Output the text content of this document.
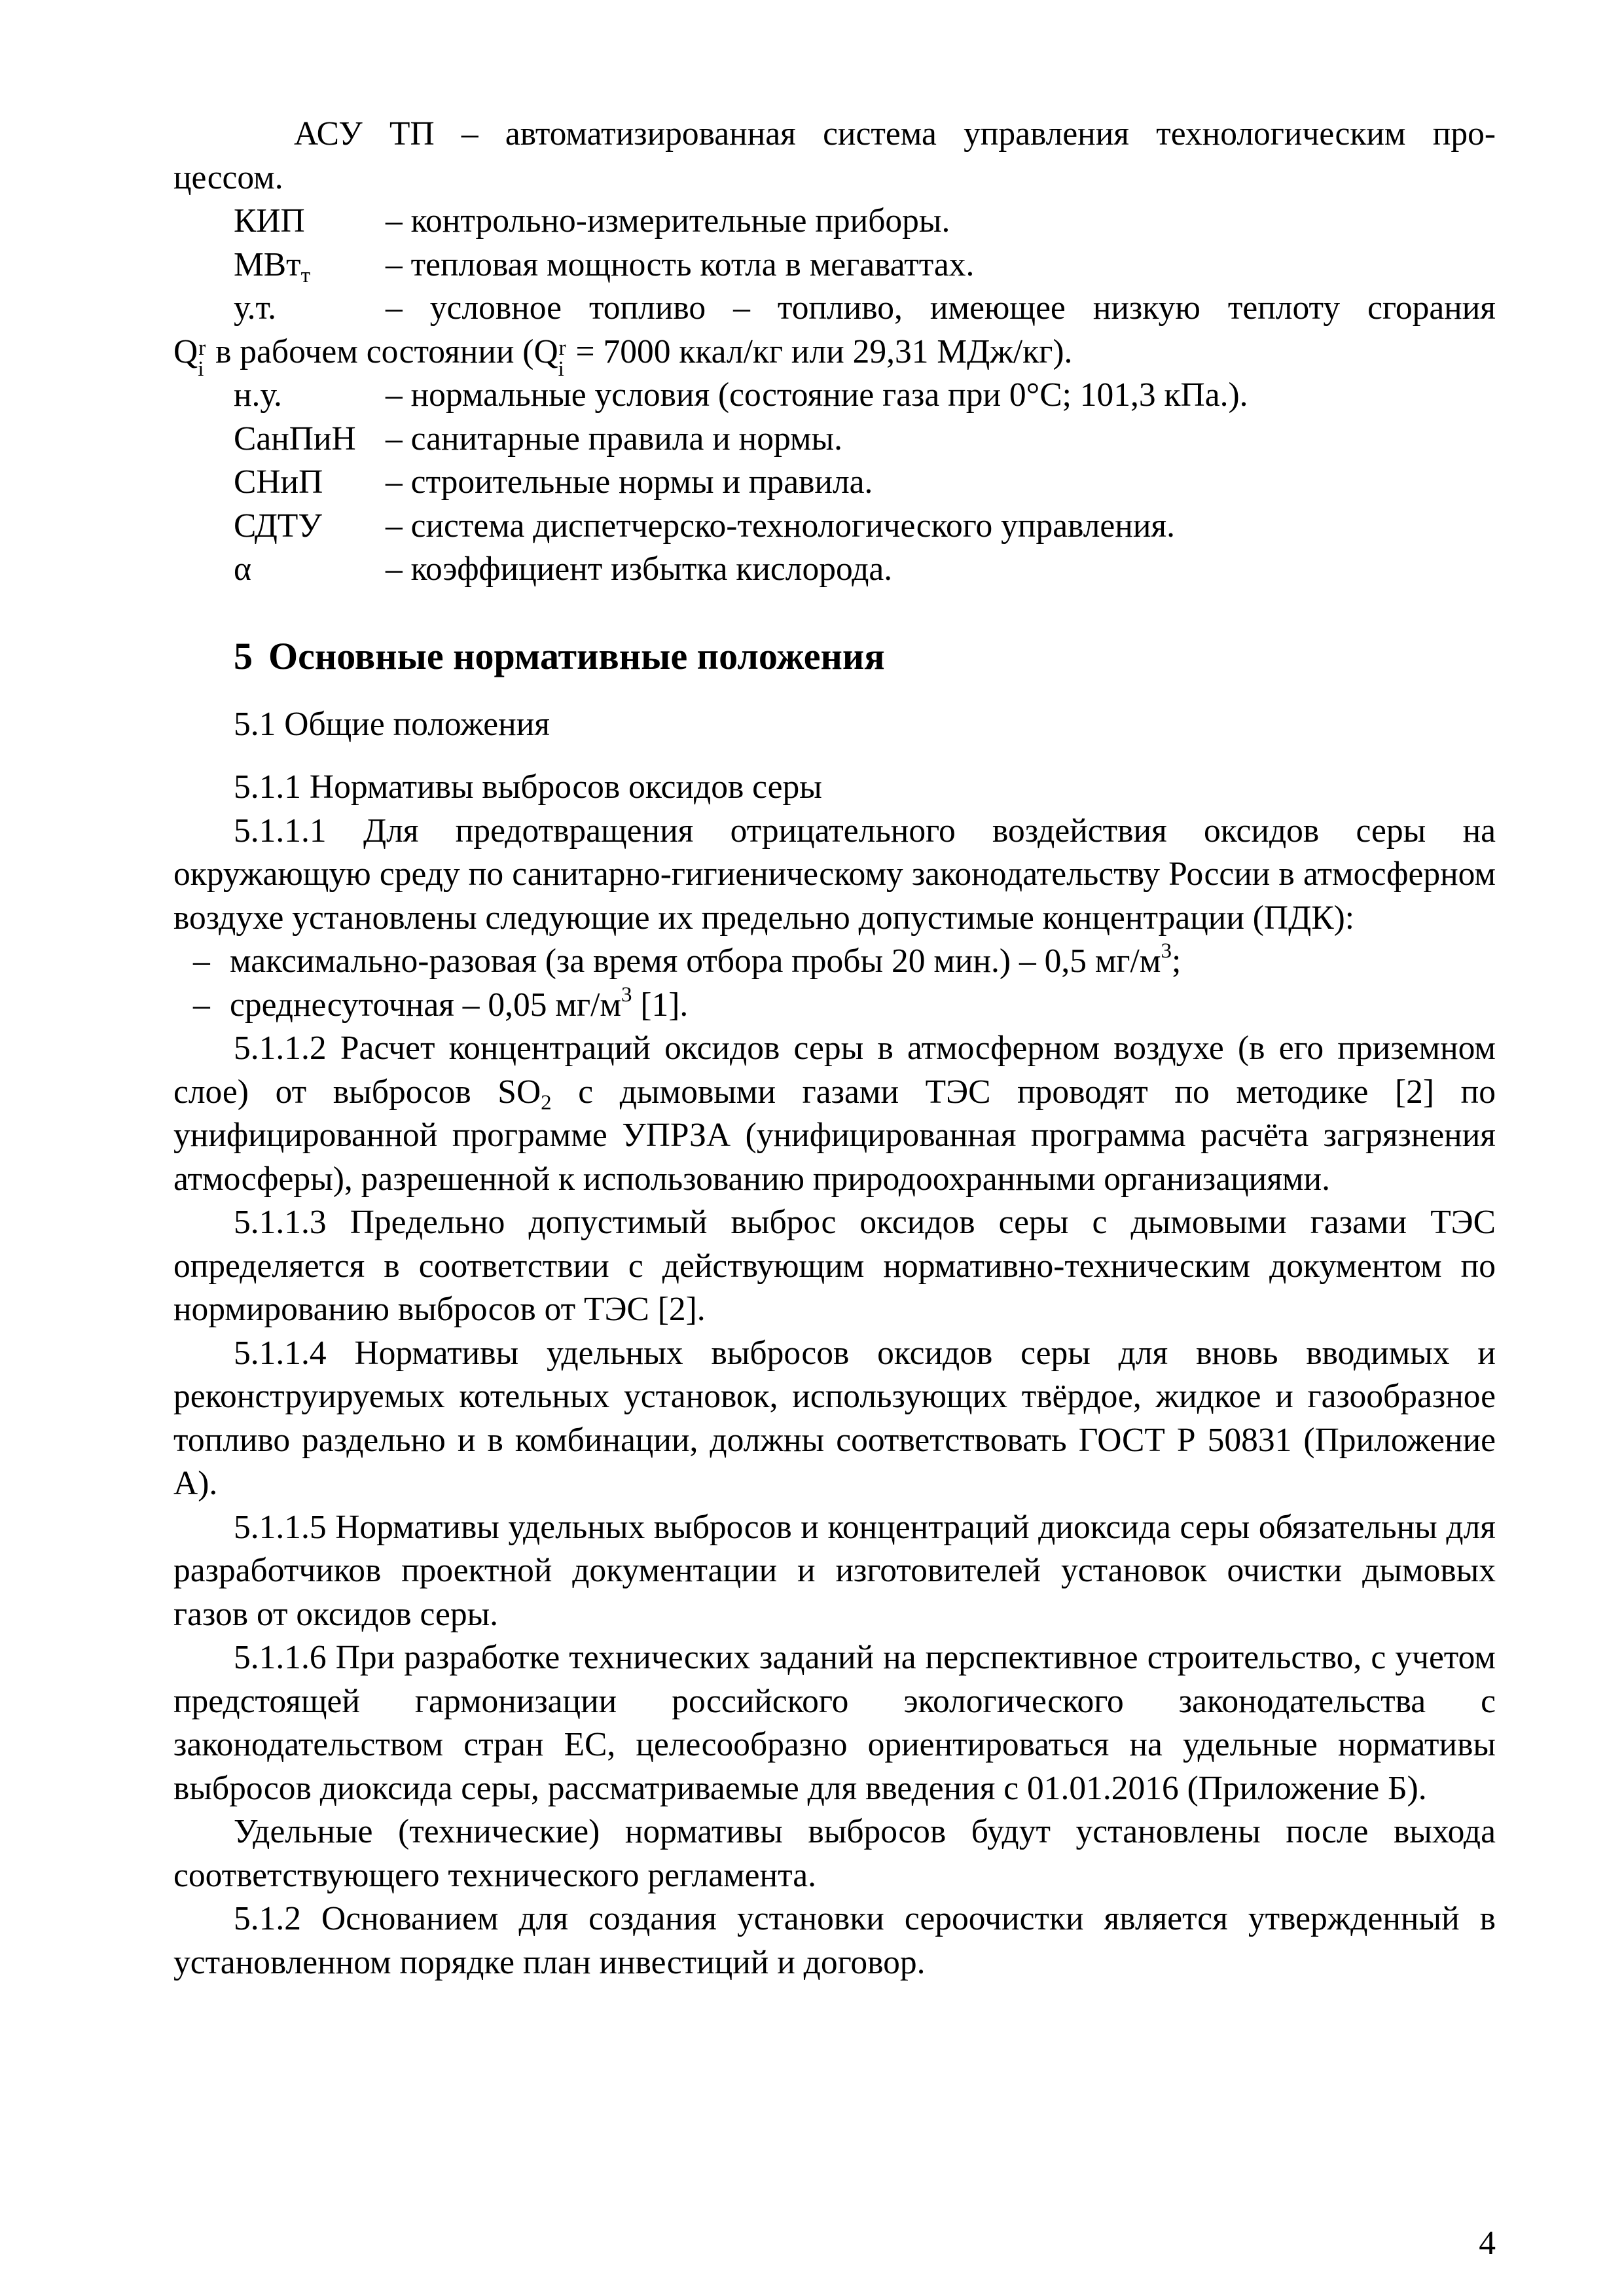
АСУ ТП – автоматизированная система управления технологическим про-
цессом.
КИП	– контрольно-измерительные приборы.
МВт$_т$	– тепловая мощность котла в мегаваттах.
у.т.	– условное топливо – топливо, имеющее низкую теплоту сгорания
Q r
i в рабочем состоянии (Q r
i = 7000 ккал/кг или 29,31 МДж/кг).
н.у.	– нормальные условия (состояние газа при 0°С; 101,3 кПа.).
СанПиН – санитарные правила и нормы.
СНиП	– строительные нормы и правила.
СДТУ	– система диспетчерско-технологического управления.
α	– коэффициент избытка кислорода.
5 Основные нормативные положения
5.1 Общие положения
5.1.1 Нормативы выбросов оксидов серы

5.1.1.1 Для предотвращения отрицательного воздействия оксидов серы на окружающую среду по санитарно-гигиеническому законодательству России в атмосферном воздухе установлены следующие их предельно допустимые концентрации (ПДК):

– максимально-разовая (за время отбора пробы 20 мин.) – 0,5 $мг/м^3$;
– среднесуточная – 0,05 $мг/м^3$ [1].

5.1.1.2 Расчет концентраций оксидов серы в атмосферном воздухе (в его приземном слое) от выбросов $SO_2$ с дымовыми газами ТЭС проводят по методике [2] по унифицированной программе УПРЗА (унифицированная программа расчёта загрязнения атмосферы), разрешенной к использованию природоохранными организациями.

5.1.1.3 Предельно допустимый выброс оксидов серы с дымовыми газами ТЭС определяется в соответствии с действующим нормативно-техническим документом по нормированию выбросов от ТЭС [2].

5.1.1.4 Нормативы удельных выбросов оксидов серы для вновь вводимых и реконструируемых котельных установок, использующих твёрдое, жидкое и газообразное топливо раздельно и в комбинации, должны соответствовать ГОСТ Р 50831 (Приложение А).

5.1.1.5 Нормативы удельных выбросов и концентраций диоксида серы обязательны для разработчиков проектной документации и изготовителей установок очистки дымовых газов от оксидов серы.

5.1.1.6 При разработке технических заданий на перспективное строительство, с учетом предстоящей гармонизации российского экологического законодательства с законодательством стран ЕС, целесообразно ориентироваться на удельные нормативы выбросов диоксида серы, рассматриваемые для введения с 01.01.2016 (Приложение Б).

Удельные (технические) нормативы выбросов будут установлены после выхода соответствующего технического регламента.

5.1.2 Основанием для создания установки сероочистки является утвержденный в установленном порядке план инвестиций и договор.

4
